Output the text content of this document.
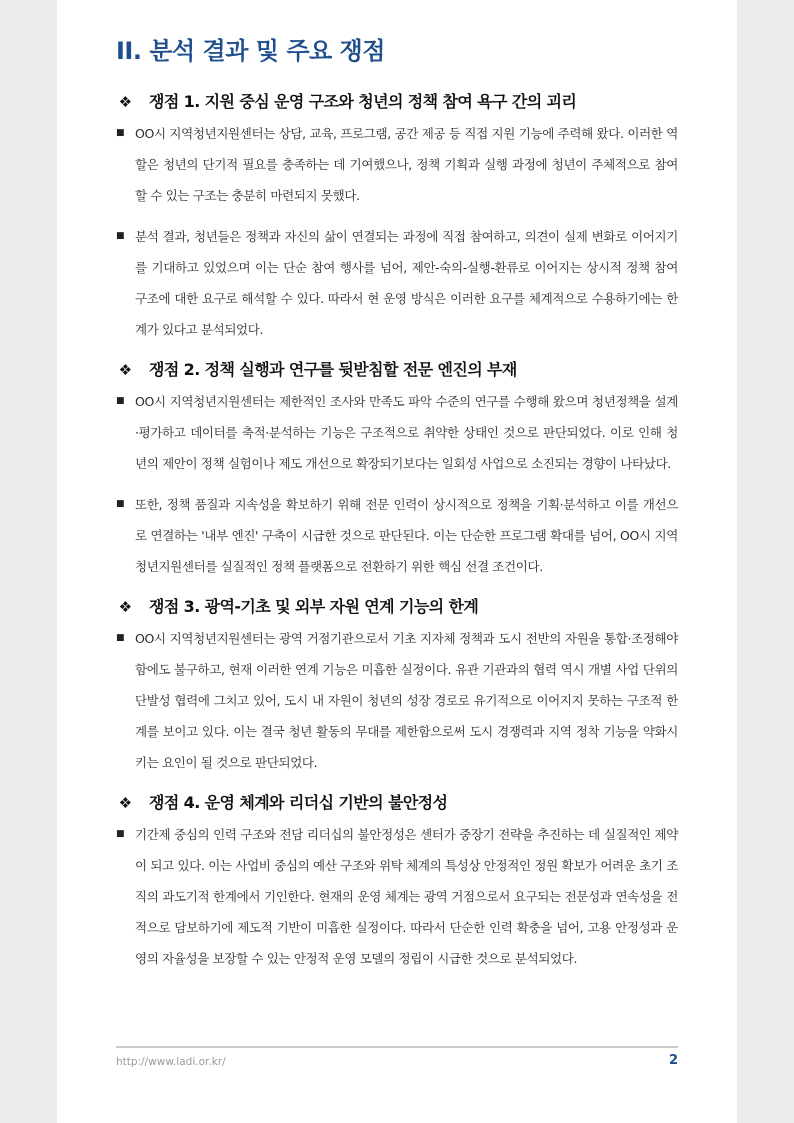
II. 분석 결과 및 주요 쟁점
❖ 쟁점 1. 지원 중심 운영 구조와 청년의 정책 참여 욕구 간의 괴리
■ OO시 지역청년지원센터는 상담, 교육, 프로그램, 공간 제공 등 직접 지원 기능에 주력해 왔다. 이러한 역할은 청년의 단기적 필요를 충족하는 데 기여했으나, 정책 기획과 실행 과정에 청년이 주체적으로 참여할 수 있는 구조는 충분히 마련되지 못했다.
■ 분석 결과, 청년들은 정책과 자신의 삶이 연결되는 과정에 직접 참여하고, 의견이 실제 변화로 이어지기를 기대하고 있었으며 이는 단순 참여 행사를 넘어, 제안-숙의-실행-환류로 이어지는 상시적 정책 참여 구조에 대한 요구로 해석할 수 있다. 따라서 현 운영 방식은 이러한 요구를 체계적으로 수용하기에는 한계가 있다고 분석되었다.
❖ 쟁점 2. 정책 실행과 연구를 뒷받침할 전문 엔진의 부재
■ OO시 지역청년지원센터는 제한적인 조사와 만족도 파악 수준의 연구를 수행해 왔으며 청년정책을 설계·평가하고 데이터를 축적·분석하는 기능은 구조적으로 취약한 상태인 것으로 판단되었다. 이로 인해 청년의 제안이 정책 실험이나 제도 개선으로 확장되기보다는 일회성 사업으로 소진되는 경향이 나타났다.
■ 또한, 정책 품질과 지속성을 확보하기 위해 전문 인력이 상시적으로 정책을 기획·분석하고 이를 개선으로 연결하는 '내부 엔진' 구축이 시급한 것으로 판단된다. 이는 단순한 프로그램 확대를 넘어, OO시 지역청년지원센터를 실질적인 정책 플랫폼으로 전환하기 위한 핵심 선결 조건이다.
❖ 쟁점 3. 광역-기초 및 외부 자원 연계 기능의 한계
■ OO시 지역청년지원센터는 광역 거점기관으로서 기초 지자체 정책과 도시 전반의 자원을 통합·조정해야 함에도 불구하고, 현재 이러한 연계 기능은 미흡한 실정이다. 유관 기관과의 협력 역시 개별 사업 단위의 단발성 협력에 그치고 있어, 도시 내 자원이 청년의 성장 경로로 유기적으로 이어지지 못하는 구조적 한계를 보이고 있다. 이는 결국 청년 활동의 무대를 제한함으로써 도시 경쟁력과 지역 정착 기능을 약화시키는 요인이 될 것으로 판단되었다.
❖ 쟁점 4. 운영 체계와 리더십 기반의 불안정성
■ 기간제 중심의 인력 구조와 전담 리더십의 불안정성은 센터가 중장기 전략을 추진하는 데 실질적인 제약이 되고 있다. 이는 사업비 중심의 예산 구조와 위탁 체계의 특성상 안정적인 정원 확보가 어려운 초기 조직의 과도기적 한계에서 기인한다. 현재의 운영 체계는 광역 거점으로서 요구되는 전문성과 연속성을 전적으로 담보하기에 제도적 기반이 미흡한 실정이다. 따라서 단순한 인력 확충을 넘어, 고용 안정성과 운영의 자율성을 보장할 수 있는 안정적 운영 모델의 정립이 시급한 것으로 분석되었다.
http://www.ladi.or.kr/	2
